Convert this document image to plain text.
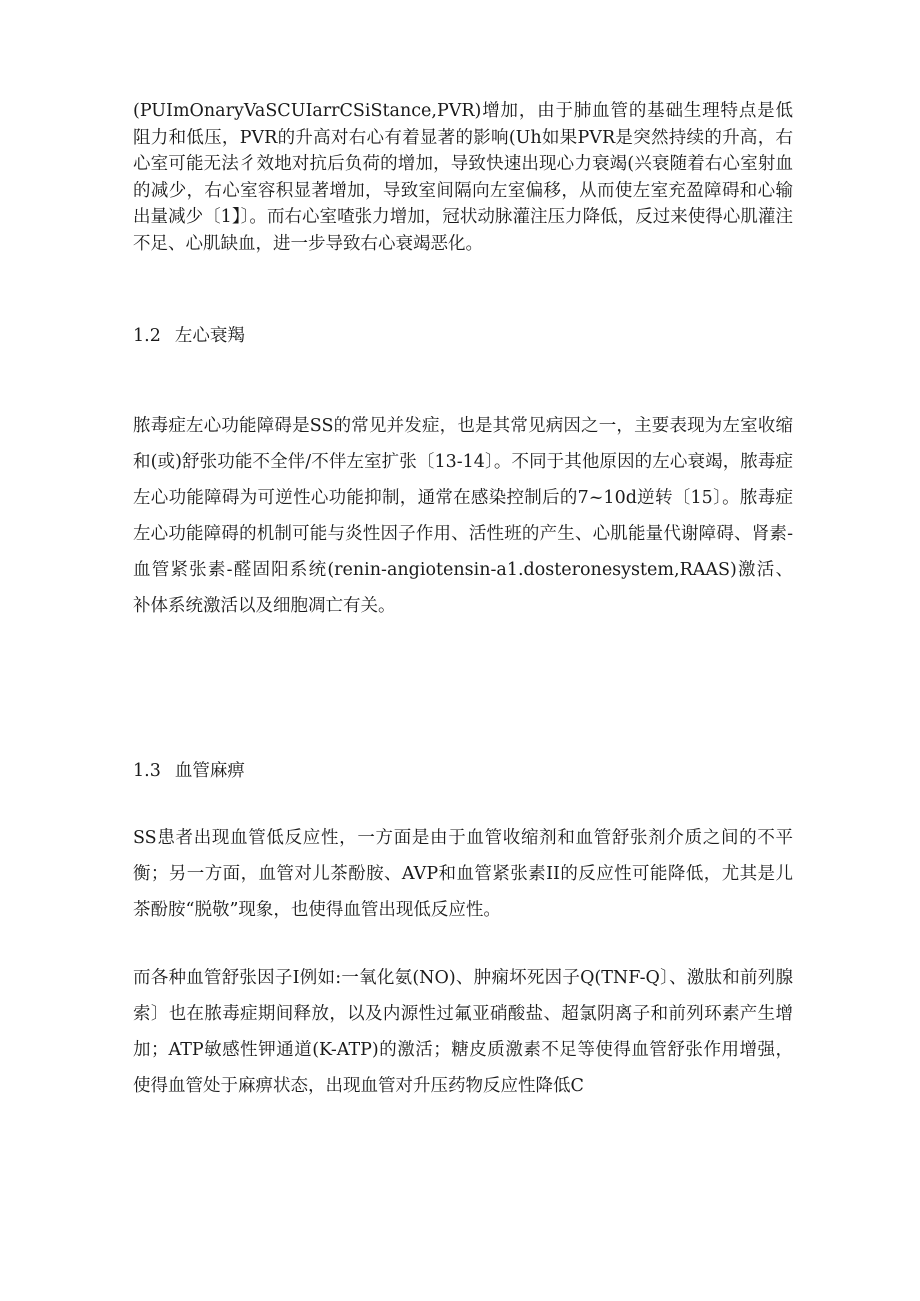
(PUImOnaryVaSCUIarrCSiStance,PVR)增加，由于肺血管的基础生理特点是低阻力和低压，PVR的升高对右心有着显著的影响(Uh如果PVR是突然持续的升高，右心室可能无法彳效地对抗后负荷的增加，导致快速出现心力衰竭(兴衰随着右心室射血的减少，右心室容积显著增加，导致室间隔向左室偏移，从而使左室充盈障碍和心输出量减少〔1】〕。而右心室喳张力增加，冠状动脉灌注压力降低，反过来使得心肌灌注不足、心肌缺血，进一步导致右心衰竭恶化。

1.2 左心衰羯

脓毒症左心功能障碍是SS的常见并发症，也是其常见病因之一，主要表现为左室收缩和(或)舒张功能不全伴/不伴左室扩张〔13-14〕。不同于其他原因的左心衰竭，脓毒症左心功能障碍为可逆性心功能抑制，通常在感染控制后的7~10d逆转〔15〕。脓毒症左心功能障碍的机制可能与炎性因子作用、活性班的产生、心肌能量代谢障碍、肾素-血管紧张素-醛固阳系统(renin-angiotensin-a1.dosteronesystem,RAAS)激活、补体系统激活以及细胞凋亡有关。

1.3 血管麻痹

SS患者出现血管低反应性，一方面是由于血管收缩剂和血管舒张剂介质之间的不平衡；另一方面，血管对儿茶酚胺、AVP和血管紧张素II的反应性可能降低，尤其是儿茶酚胺“脱敬”现象，也使得血管出现低反应性。

而各种血管舒张因子I例如:一氧化氨(NO)、肿痫坏死因子Q(TNF-Q〕、激肽和前列腺索〕也在脓毒症期间释放，以及内源性过氟亚硝酸盐、超氯阴离子和前列环素产生增加；ATP敏感性钾通道(K-ATP)的激活；糖皮质激素不足等使得血管舒张作用增强，使得血管处于麻痹状态，出现血管对升压药物反应性降低C
